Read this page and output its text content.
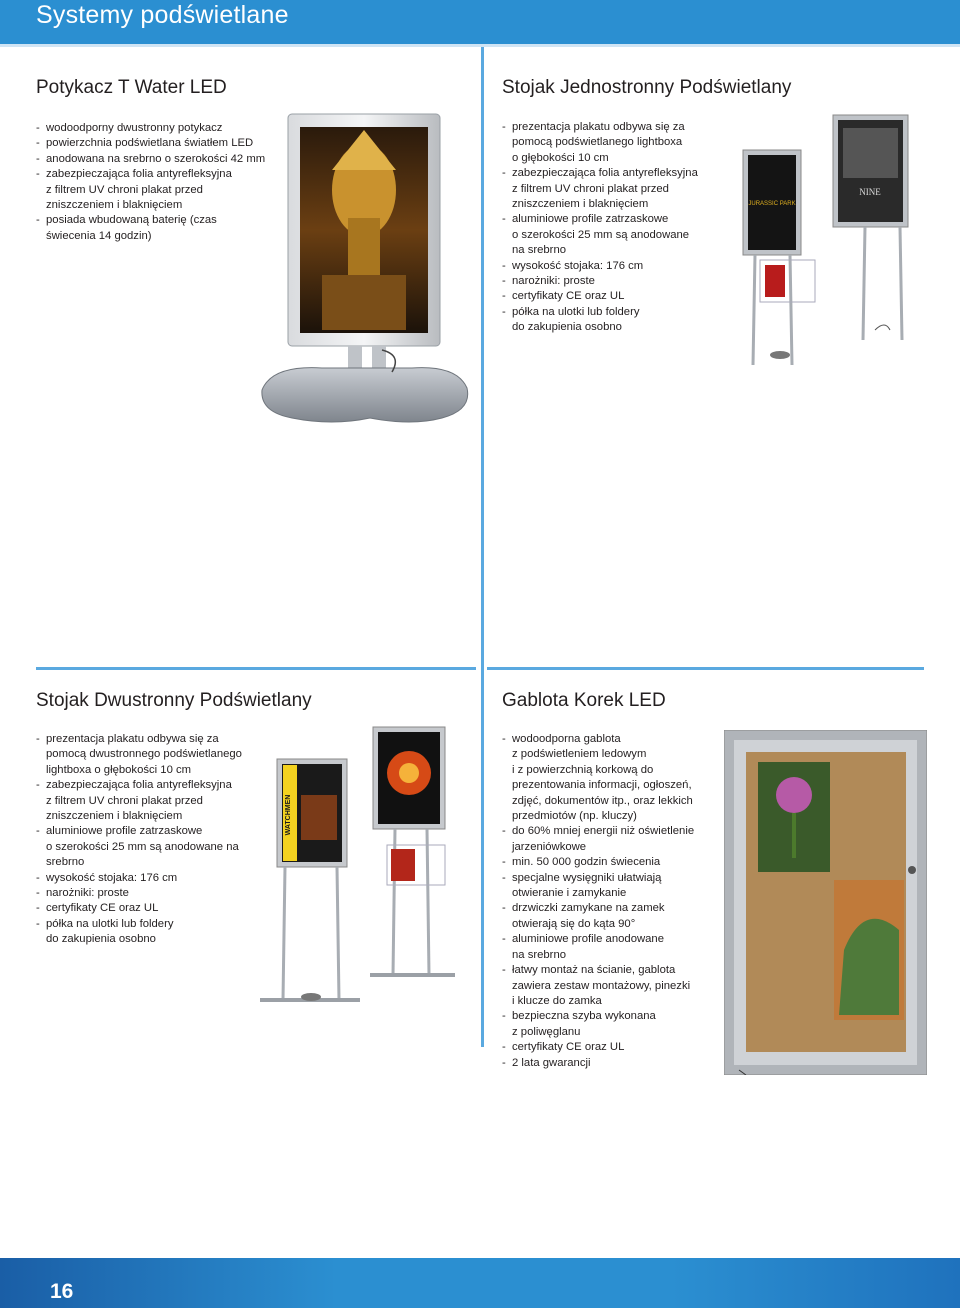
Systemy podświetlane
Potykacz T Water LED
- wodoodporny dwustronny potykacz
- powierzchnia podświetlana światłem LED
- anodowana na srebrno o szerokości 42 mm
- zabezpieczająca folia antyrefleksyjna
z filtrem UV chroni plakat przed
zniszczeniem i blaknięciem
- posiada wbudowaną baterię (czas
świecenia 14 godzin)
Stojak Jednostronny Podświetlany
- prezentacja plakatu odbywa się za
pomocą podświetlanego lightboxa
o głębokości 10 cm
- zabezpieczająca folia antyrefleksyjna
z filtrem UV chroni plakat przed
zniszczeniem i blaknięciem
- aluminiowe profile zatrzaskowe
o szerokości 25 mm są anodowane
na srebrno
- wysokość stojaka: 176 cm
- narożniki: proste
- certyfikaty CE oraz UL
- półka na ulotki lub foldery
do zakupienia osobno
Stojak Dwustronny Podświetlany
- prezentacja plakatu odbywa się za
pomocą dwustronnego podświetlanego
lightboxa o głębokości 10 cm
- zabezpieczająca folia antyrefleksyjna
z filtrem UV chroni plakat przed
zniszczeniem i blaknięciem
- aluminiowe profile zatrzaskowe
o szerokości 25 mm są anodowane na
srebrno
- wysokość stojaka: 176 cm
- narożniki: proste
- certyfikaty CE oraz UL
- półka na ulotki lub foldery
do zakupienia osobno
Gablota Korek LED
- wodoodporna gablota
z podświetleniem ledowym
i z powierzchnią korkową do
prezentowania informacji, ogłoszeń,
zdjęć, dokumentów itp., oraz lekkich
przedmiotów (np. kluczy)
- do 60% mniej energii niż oświetlenie
jarzeniówkowe
- min. 50 000 godzin świecenia
- specjalne wysięgniki ułatwiają
otwieranie i zamykanie
- drzwiczki zamykane na zamek
otwierają się do kąta 90°
- aluminiowe profile anodowane
na srebrno
- łatwy montaż na ścianie, gablota
zawiera zestaw montażowy, pinezki
i klucze do zamka
- bezpieczna szyba wykonana
z poliwęglanu
- certyfikaty CE oraz UL
- 2 lata gwarancji
JURASSIC PARK
NINE
WATCHMEN
16
